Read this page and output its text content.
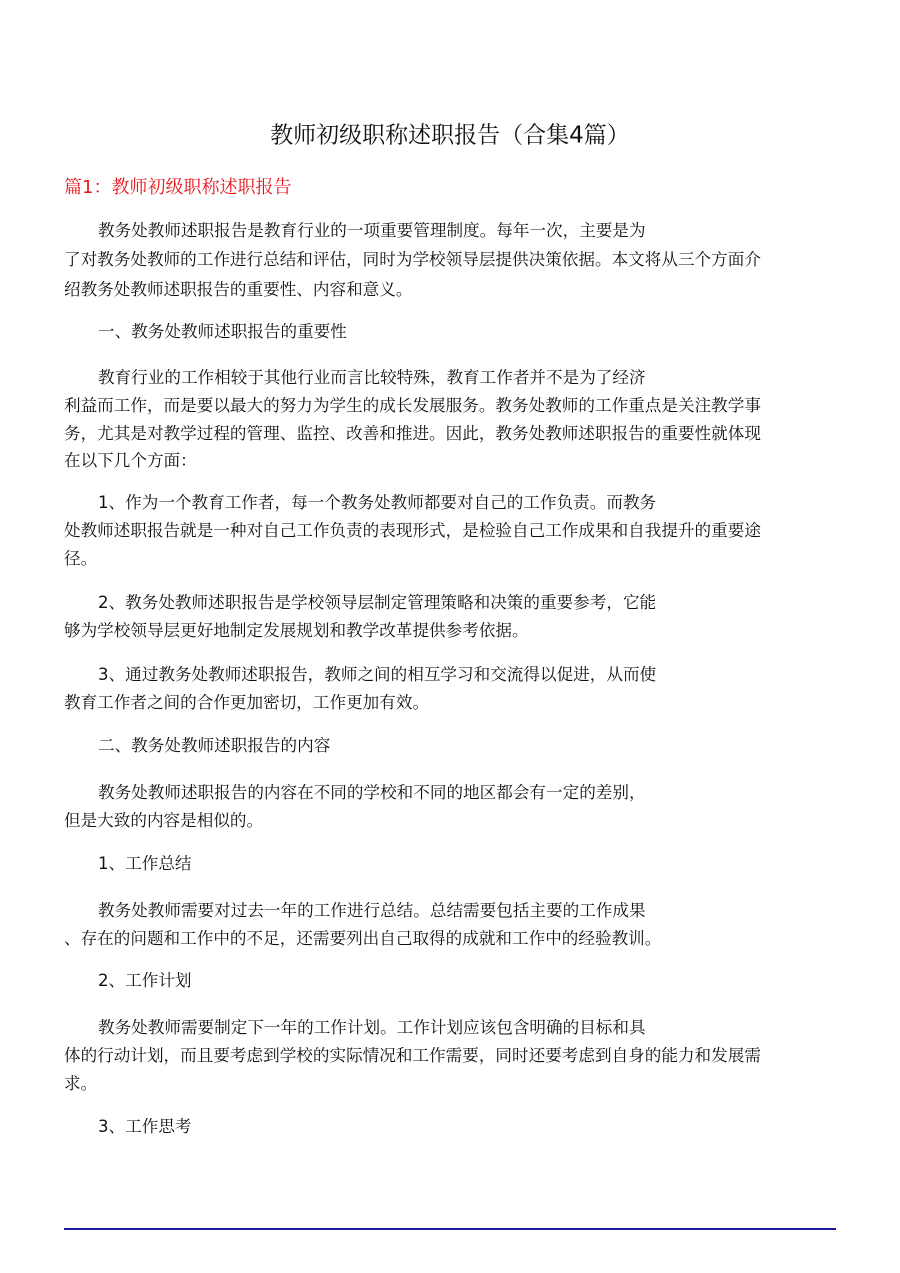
教师初级职称述职报告（合集4篇）
篇1：教师初级职称述职报告
教务处教师述职报告是教育行业的一项重要管理制度。每年一次，主要是为
了对教务处教师的工作进行总结和评估，同时为学校领导层提供决策依据。本文将从三个方面介
绍教务处教师述职报告的重要性、内容和意义。
一、教务处教师述职报告的重要性
教育行业的工作相较于其他行业而言比较特殊，教育工作者并不是为了经济
利益而工作，而是要以最大的努力为学生的成长发展服务。教务处教师的工作重点是关注教学事
务，尤其是对教学过程的管理、监控、改善和推进。因此，教务处教师述职报告的重要性就体现
在以下几个方面：
1、作为一个教育工作者，每一个教务处教师都要对自己的工作负责。而教务
处教师述职报告就是一种对自己工作负责的表现形式，是检验自己工作成果和自我提升的重要途
径。
2、教务处教师述职报告是学校领导层制定管理策略和决策的重要参考，它能
够为学校领导层更好地制定发展规划和教学改革提供参考依据。
3、通过教务处教师述职报告，教师之间的相互学习和交流得以促进，从而使
教育工作者之间的合作更加密切，工作更加有效。
二、教务处教师述职报告的内容
教务处教师述职报告的内容在不同的学校和不同的地区都会有一定的差别，
但是大致的内容是相似的。
1、工作总结
教务处教师需要对过去一年的工作进行总结。总结需要包括主要的工作成果
、存在的问题和工作中的不足，还需要列出自己取得的成就和工作中的经验教训。
2、工作计划
教务处教师需要制定下一年的工作计划。工作计划应该包含明确的目标和具
体的行动计划，而且要考虑到学校的实际情况和工作需要，同时还要考虑到自身的能力和发展需
求。
3、工作思考
